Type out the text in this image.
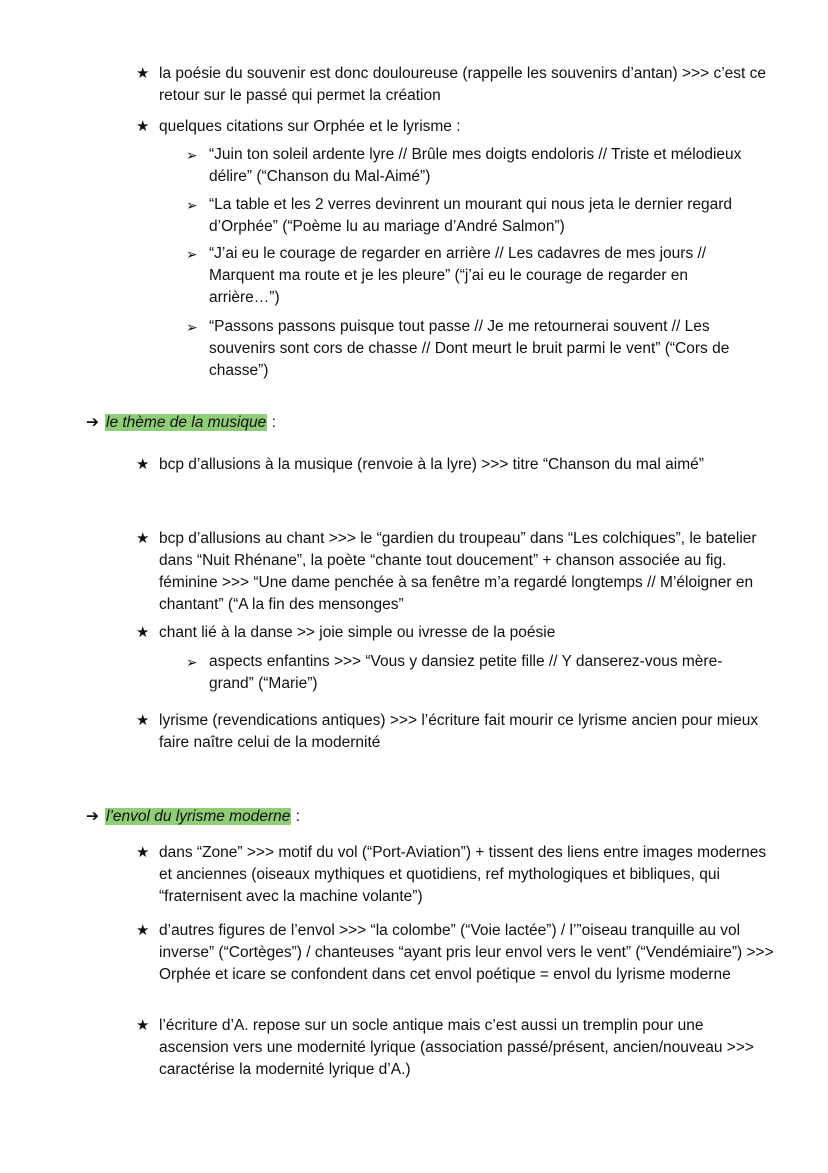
★ la poésie du souvenir est donc douloureuse (rappelle les souvenirs d’antan) >>> c’est ce retour sur le passé qui permet la création
★ quelques citations sur Orphée et le lyrisme :
➢ “Juin ton soleil ardente lyre // Brûle mes doigts endoloris // Triste et mélodieux délire” (“Chanson du Mal-Aimé”)
➢ “La table et les 2 verres devinrent un mourant qui nous jeta le dernier regard d’Orphée” (“Poème lu au mariage d’André Salmon”)
➢ “J’ai eu le courage de regarder en arrière // Les cadavres de mes jours // Marquent ma route et je les pleure” (“j’ai eu le courage de regarder en arrière…”)
➢ “Passons passons puisque tout passe // Je me retournerai souvent // Les souvenirs sont cors de chasse // Dont meurt le bruit parmi le vent” (“Cors de chasse”)
➔ le thème de la musique :
★ bcp d’allusions à la musique (renvoie à la lyre) >>> titre “Chanson du mal aimé”
★ bcp d’allusions au chant >>> le “gardien du troupeau” dans “Les colchiques”, le batelier dans “Nuit Rhénane”, la poète “chante tout doucement” + chanson associée au fig. féminine >>> “Une dame penchée à sa fenêtre m’a regardé longtemps // M’éloigner en chantant” (“A la fin des mensonges”
★ chant lié à la danse >> joie simple ou ivresse de la poésie
➢ aspects enfantins >>> “Vous y dansiez petite fille // Y danserez-vous mère-grand” (“Marie”)
★ lyrisme (revendications antiques) >>> l’écriture fait mourir ce lyrisme ancien pour mieux faire naître celui de la modernité
➔ l’envol du lyrisme moderne :
★ dans “Zone” >>> motif du vol (“Port-Aviation”) + tissent des liens entre images modernes et anciennes (oiseaux mythiques et quotidiens, ref mythologiques et bibliques, qui “fraternisent avec la machine volante”)
★ d’autres figures de l’envol >>> “la colombe” (“Voie lactée”) / l’”oiseau tranquille au vol inverse” (“Cortèges”) / chanteuses “ayant pris leur envol vers le vent” (“Vendémiaire”) >>> Orphée et icare se confondent dans cet envol poétique = envol du lyrisme moderne
★ l’écriture d’A. repose sur un socle antique mais c’est aussi un tremplin pour une ascension vers une modernité lyrique (association passé/présent, ancien/nouveau >>> caractérise la modernité lyrique d’A.)
